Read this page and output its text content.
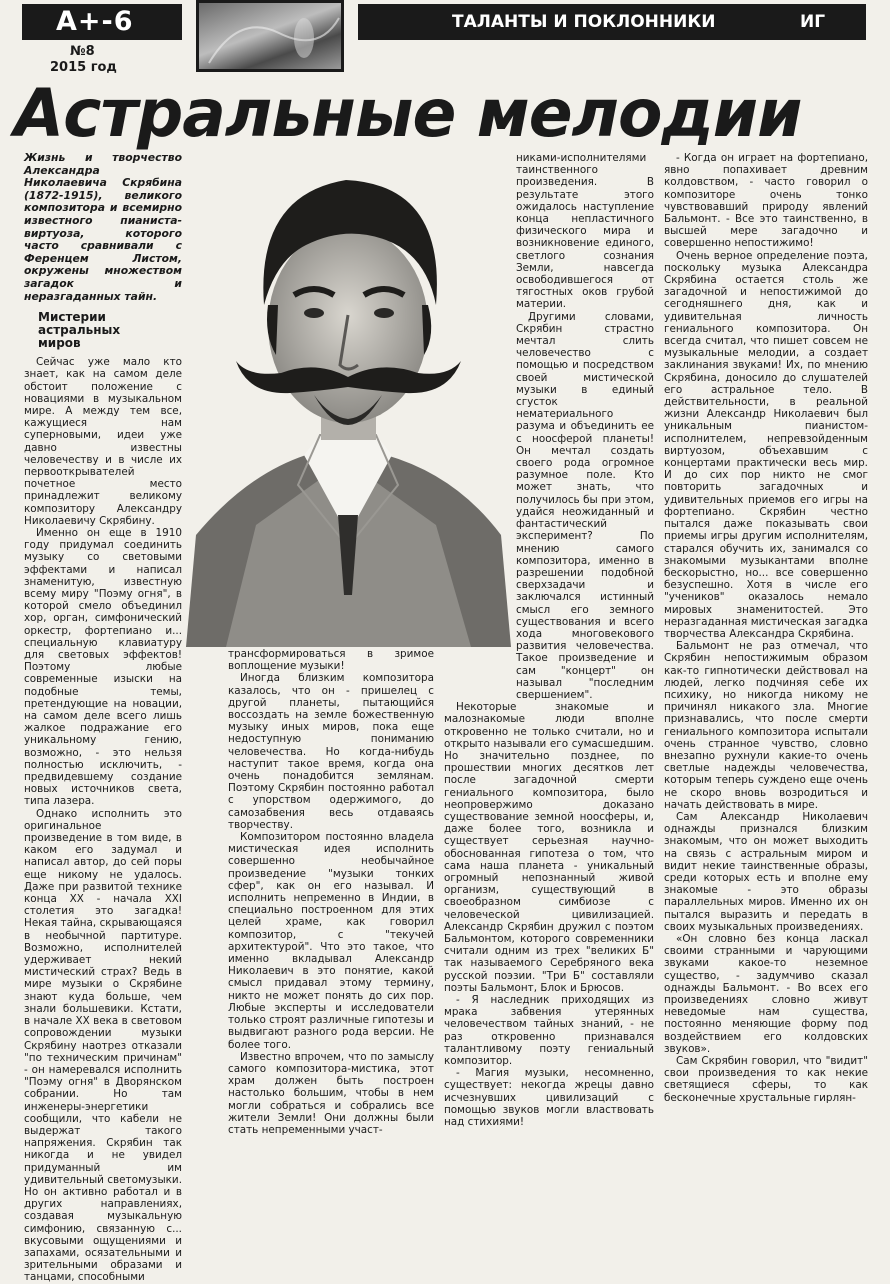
А+-6	ТАЛАНТЫ И ПОКЛОННИКИ	ИГ
№8
2015 год
Астральные мелодии

Жизнь и творчество Александра Николаевича Скрябина (1872-1915), великого композитора и всемирно известного пианиста-виртуоза, которого часто сравнивали с Ференцем Листом, окружены множеством загадок и неразгаданных тайн.

Мистерии
астральных
миров

Сейчас уже мало кто знает, как на самом деле обстоит положение с новациями в музыкальном мире. А между тем все, кажущиеся нам суперновыми, идеи уже давно известны человечеству и в числе их первооткрывателей почетное место принадлежит великому композитору Александру Николаевичу Скрябину.

Именно он еще в 1910 году придумал соединить музыку со световыми эффектами и написал знаменитую, известную всему миру "Поэму огня", в которой смело объединил хор, орган, симфонический оркестр, фортепиано и... специальную клавиатуру для световых эффектов! Поэтому любые современные изыски на подобные темы, претендующие на новации, на самом деле всего лишь жалкое подражание его уникальному гению, возможно, - это нельзя полностью исключить, - предвидевшему создание новых источников света, типа лазера.

Однако исполнить это оригинальное произведение в том виде, в каком его задумал и написал автор, до сей поры еще никому не удалось. Даже при развитой технике конца XX - начала XXI столетия это загадка! Некая тайна, скрывающаяся в необычной партитуре. Возможно, исполнителей удерживает некий мистический страх? Ведь в мире музыки о Скрябине знают куда больше, чем знали большевики. Кстати, в начале XX века в световом сопровождении музыки Скрябину наотрез отказали "по техническим причинам" - он намеревался исполнить "Поэму огня" в Дворянском собрании. Но там инженеры-энергетики сообщили, что кабели не выдержат такого напряжения. Скрябин так никогда и не увидел придуманный им удивительный светомузыки. Но он активно работал и в других направлениях, создавая музыкальную симфонию, связанную с... вкусовыми ощущениями и запахами, осязательными и зрительными образами и танцами, способными

трансформироваться в зримое воплощение музыки!

Иногда близким композитора казалось, что он - пришелец с другой планеты, пытающийся воссоздать на земле божественную музыку иных миров, пока еще недоступную пониманию человечества. Но когда-нибудь наступит такое время, когда она очень понадобится землянам. Поэтому Скрябин постоянно работал с упорством одержимого, до самозабвения весь отдаваясь творчеству.

Композитором постоянно владела мистическая идея исполнить совершенно необычайное произведение "музыки тонких сфер", как он его называл. И исполнить непременно в Индии, в специально построенном для этих целей храме, как говорил композитор, с "текучей архитектурой". Что это такое, что именно вкладывал Александр Николаевич в это понятие, какой смысл придавал этому термину, никто не может понять до сих пор. Любые эксперты и исследователи только строят различные гипотезы и выдвигают разного рода версии. Не более того.

Известно впрочем, что по замыслу самого композитора-мистика, этот храм должен быть построен настолько большим, чтобы в нем могли собраться и собрались все жители Земли! Они должны были стать непременными участ-

никами-исполнителями таинственного произведения. В результате этого ожидалось наступление конца непластичного физического мира и возникновение единого, светлого сознания Земли, навсегда освободившегося от тягостных оков грубой материи.

Другими словами, Скрябин страстно мечтал слить человечество с помощью и посредством своей мистической музыки в единый сгусток нематериального разума и объединить ее с ноосферой планеты! Он мечтал создать своего рода огромное разумное поле. Кто может знать, что получилось бы при этом, удайся неожиданный и фантастический эксперимент? По мнению самого композитора, именно в разрешении подобной сверхзадачи и заключался истинный смысл его земного существования и всего хода многовекового развития человечества. Такое произведение и сам "концерт" он называл "последним свершением".

Некоторые знакомые и малознакомые люди вполне откровенно не только считали, но и открыто называли его сумасшедшим. Но значительно позднее, по прошествии многих десятков лет после загадочной смерти гениального композитора, было неопровержимо доказано существование земной ноосферы, и, даже более того, возникла и существует серьезная научно-обоснованная гипотеза о том, что сама наша планета - уникальный огромный непознанный живой организм, существующий в своеобразном симбиозе с человеческой цивилизацией. Александр Скрябин дружил с поэтом Бальмонтом, которого современники считали одним из трех "великих Б" так называемого Серебряного века русской поэзии. "Три Б" составляли поэты Бальмонт, Блок и Брюсов.

- Я наследник приходящих из мрака забвения утерянных человечеством тайных знаний, - не раз откровенно признавался талантливому поэту гениальный композитор.

- Магия музыки, несомненно, существует: некогда жрецы давно исчезнувших цивилизаций с помощью звуков могли властвовать над стихиями!

- Когда он играет на фортепиано, явно попахивает древним колдовством, - часто говорил о композиторе очень тонко чувствовавший природу явлений Бальмонт. - Все это таинственно, в высшей мере загадочно и совершенно непостижимо!

Очень верное определение поэта, поскольку музыка Александра Скрябина остается столь же загадочной и непостижимой до сегодняшнего дня, как и удивительная личность гениального композитора. Он всегда считал, что пишет совсем не музыкальные мелодии, а создает заклинания звуками! Их, по мнению Скрябина, доносило до слушателей его астральное тело. В действительности, в реальной жизни Александр Николаевич был уникальным пианистом-исполнителем, непревзойденным виртуозом, объехавшим с концертами практически весь мир. И до сих пор никто не смог повторить загадочных и удивительных приемов его игры на фортепиано. Скрябин честно пытался даже показывать свои приемы игры другим исполнителям, старался обучить их, занимался со знакомыми музыкантами вполне бескорыстно, но... все совершенно безуспешно. Хотя в числе его "учеников" оказалось немало мировых знаменитостей. Это неразгаданная мистическая загадка творчества Александра Скрябина.

Бальмонт не раз отмечал, что Скрябин непостижимым образом как-то гипнотически действовал на людей, легко подчиняя себе их психику, но никогда никому не причинял никакого зла. Многие признавались, что после смерти гениального композитора испытали очень странное чувство, словно внезапно рухнули какие-то очень светлые надежды человечества, которым теперь суждено еще очень не скоро вновь возродиться и начать действовать в мире.

Сам Александр Николаевич однажды признался близким знакомым, что он может выходить на связь с астральным миром и видит некие таинственные образы, среди которых есть и вполне ему знакомые - это образы параллельных миров. Именно их он пытался выразить и передать в своих музыкальных произведениях.

«Он словно без конца ласкал своими странными и чарующими звуками какое-то неземное существо, - задумчиво сказал однажды Бальмонт. - Во всех его произведениях словно живут неведомые нам существа, постоянно меняющие форму под воздействием его колдовских звуков».

Сам Скрябин говорил, что "видит" свои произведения то как некие светящиеся сферы, то как бесконечные хрустальные гирлян-
